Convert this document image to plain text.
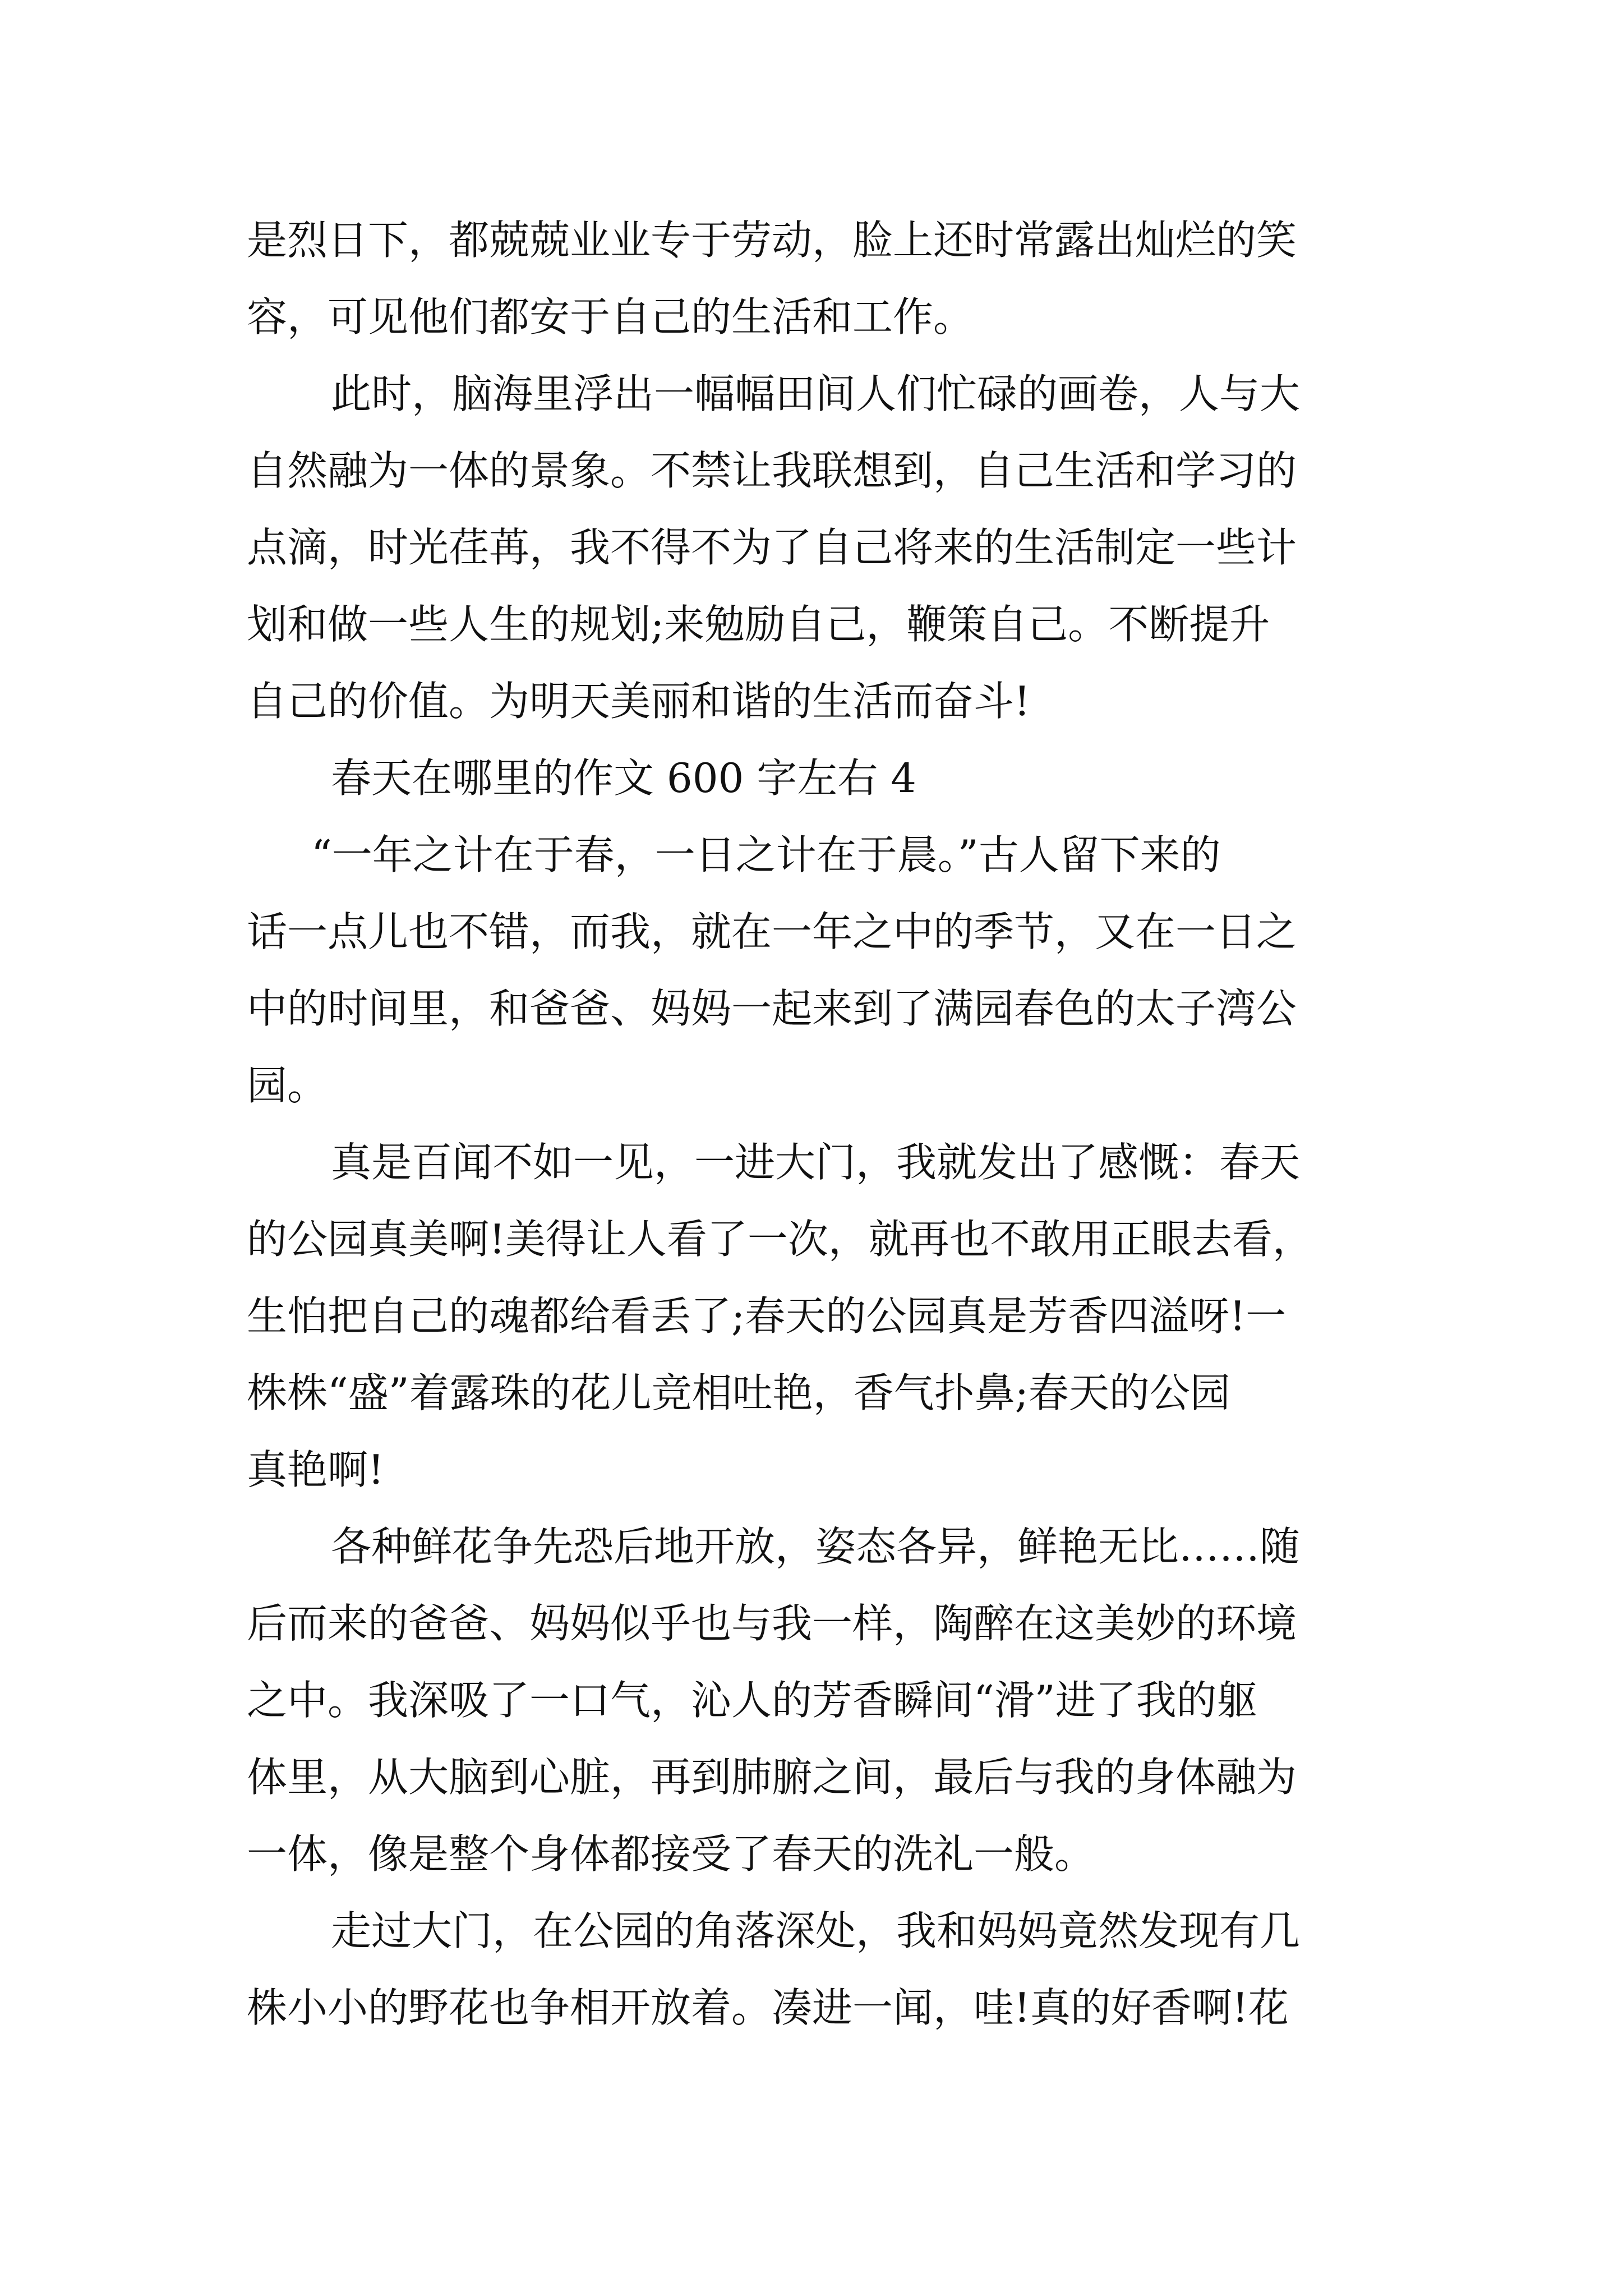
是烈日下，都兢兢业业专于劳动，脸上还时常露出灿烂的笑
容，可见他们都安于自己的生活和工作。

此时，脑海里浮出一幅幅田间人们忙碌的画卷，人与大
自然融为一体的景象。不禁让我联想到，自己生活和学习的
点滴，时光荏苒，我不得不为了自己将来的生活制定一些计
划和做一些人生的规划;来勉励自己，鞭策自己。不断提升
自己的价值。为明天美丽和谐的生活而奋斗!

春天在哪里的作文 600 字左右 4

“一年之计在于春，一日之计在于晨。”古人留下来的
话一点儿也不错，而我，就在一年之中的季节，又在一日之
中的时间里，和爸爸、妈妈一起来到了满园春色的太子湾公
园。

真是百闻不如一见，一进大门，我就发出了感慨：春天
的公园真美啊!美得让人看了一次，就再也不敢用正眼去看，
生怕把自己的魂都给看丢了;春天的公园真是芳香四溢呀!一
株株“盛”着露珠的花儿竞相吐艳，香气扑鼻;春天的公园
真艳啊!

各种鲜花争先恐后地开放，姿态各异，鲜艳无比……随
后而来的爸爸、妈妈似乎也与我一样，陶醉在这美妙的环境
之中。我深吸了一口气，沁人的芳香瞬间“滑”进了我的躯
体里，从大脑到心脏，再到肺腑之间，最后与我的身体融为
一体，像是整个身体都接受了春天的洗礼一般。

走过大门，在公园的角落深处，我和妈妈竟然发现有几
株小小的野花也争相开放着。凑进一闻，哇!真的好香啊!花
